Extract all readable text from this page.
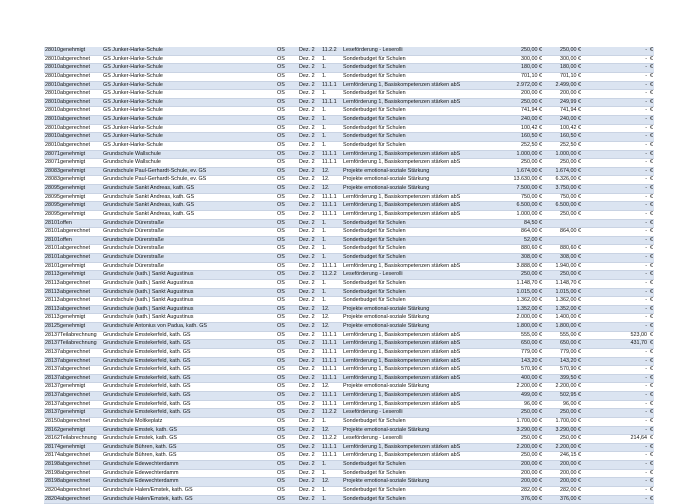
28010	genehmigt	GS Junker-Harke-Schule	OS	Dez. 2	11.2.2	Leseförderung - Leserolli	250,00 €	250,00 €	-	€
28010	abgerechnet	GS Junker-Harke-Schule	OS	Dez. 2	1.	Sonderbudget für Schulen	300,00 €	300,00 €	-	€
28010	abgerechnet	GS Junker-Harke-Schule	OS	Dez. 2	1.	Sonderbudget für Schulen	180,00 €	180,00 €	-	€
28010	abgerechnet	GS Junker-Harke-Schule	OS	Dez. 2	1.	Sonderbudget für Schulen	701,10 €	701,10 €	-	€
28010	abgerechnet	GS Junker-Harke-Schule	OS	Dez. 2	11.1.1	Lernförderung 1, Basiskompetenzen stärken abS	2.972,00 €	2.499,00 €	-	€
28010	abgerechnet	GS Junker-Harke-Schule	OS	Dez. 2	1.	Sonderbudget für Schulen	200,00 €	200,00 €	-	€
28010	abgerechnet	GS Junker-Harke-Schule	OS	Dez. 2	11.1.1	Lernförderung 1, Basiskompetenzen stärken abS	250,00 €	249,99 €	-	€
28010	abgerechnet	GS Junker-Harke-Schule	OS	Dez. 2	1.	Sonderbudget für Schulen	741,94 €	741,94 €	-	€
28010	abgerechnet	GS Junker-Harke-Schule	OS	Dez. 2	1.	Sonderbudget für Schulen	240,00 €	240,00 €	-	€
28010	abgerechnet	GS Junker-Harke-Schule	OS	Dez. 2	1.	Sonderbudget für Schulen	100,42 €	100,42 €	-	€
28010	abgerechnet	GS Junker-Harke-Schule	OS	Dez. 2	1.	Sonderbudget für Schulen	160,50 €	160,50 €	-	€
28010	abgerechnet	GS Junker-Harke-Schule	OS	Dez. 2	1.	Sonderbudget für Schulen	252,50 €	252,50 €	-	€
28071	genehmigt	Grundschule Wallschule	OS	Dez. 2	11.1.1	Lernförderung 1, Basiskompetenzen stärken abS	1.000,00 €	1.000,00 €	-	€
28071	genehmigt	Grundschule Wallschule	OS	Dez. 2	11.1.1	Lernförderung 1, Basiskompetenzen stärken abS	250,00 €	250,00 €	-	€
28083	genehmigt	Grundschule Paul-Gerhardt-Schule, ev. GS	OS	Dez. 2	12.	Projekte emotional-soziale Stärkung	1.674,00 €	1.674,00 €	-	€
28083	genehmigt	Grundschule Paul-Gerhardt-Schule, ev. GS	OS	Dez. 2	12.	Projekte emotional-soziale Stärkung	13.630,00 €	6.326,00 €	-	€
28095	genehmigt	Grundschule Sankt Andreas, kath. GS	OS	Dez. 2	12.	Projekte emotional-soziale Stärkung	7.500,00 €	3.750,00 €	-	€
28095	genehmigt	Grundschule Sankt Andreas, kath. GS	OS	Dez. 2	11.1.1	Lernförderung 1, Basiskompetenzen stärken abS	750,00 €	750,00 €	-	€
28095	genehmigt	Grundschule Sankt Andreas, kath. GS	OS	Dez. 2	11.1.1	Lernförderung 1, Basiskompetenzen stärken abS	6.500,00 €	6.500,00 €	-	€
28095	genehmigt	Grundschule Sankt Andreas, kath. GS	OS	Dez. 2	11.1.1	Lernförderung 1, Basiskompetenzen stärken abS	1.000,00 €	250,00 €	-	€
28101	offen	Grundschule Dürerstraße	OS	Dez. 2	1.	Sonderbudget für Schulen	84,50 €		-	€
28101	abgerechnet	Grundschule Dürerstraße	OS	Dez. 2	1.	Sonderbudget für Schulen	864,00 €	864,00 €	-	€
28101	offen	Grundschule Dürerstraße	OS	Dez. 2	1.	Sonderbudget für Schulen	52,00 €		-	€
28101	abgerechnet	Grundschule Dürerstraße	OS	Dez. 2	1.	Sonderbudget für Schulen	880,60 €	880,60 €	-	€
28101	abgerechnet	Grundschule Dürerstraße	OS	Dez. 2	1.	Sonderbudget für Schulen	308,00 €	308,00 €	-	€
28101	genehmigt	Grundschule Dürerstraße	OS	Dez. 2	11.1.1	Lernförderung 1, Basiskompetenzen stärken abS	3.888,00 €	1.940,00 €	-	€
28113	genehmigt	Grundschule (kath.) Sankt Augustinus	OS	Dez. 2	11.2.2	Leseförderung - Leserolli	250,00 €	250,00 €	-	€
28113	abgerechnet	Grundschule (kath.) Sankt Augustinus	OS	Dez. 2	1.	Sonderbudget für Schulen	1.148,70 €	1.148,70 €	-	€
28113	abgerechnet	Grundschule (kath.) Sankt Augustinus	OS	Dez. 2	1.	Sonderbudget für Schulen	1.015,00 €	1.015,00 €	-	€
28113	abgerechnet	Grundschule (kath.) Sankt Augustinus	OS	Dez. 2	1.	Sonderbudget für Schulen	1.362,00 €	1.362,00 €	-	€
28113	abgerechnet	Grundschule (kath.) Sankt Augustinus	OS	Dez. 2	12.	Projekte emotional-soziale Stärkung	1.352,00 €	1.352,00 €	-	€
28113	genehmigt	Grundschule (kath.) Sankt Augustinus	OS	Dez. 2	12.	Projekte emotional-soziale Stärkung	2.000,00 €	1.400,00 €	-	€
28125	genehmigt	Grundschule Antonius von Padua, kath. GS	OS	Dez. 2	12.	Projekte emotional-soziale Stärkung	1.800,00 €	1.800,00 €	-	€
28137	Teilabrechnung	Grundschule Emstekerfeld, kath. GS	OS	Dez. 2	11.1.1	Lernförderung 1, Basiskompetenzen stärken abS	555,00 €	555,00 €	523,00	€
28137	Teilabrechnung	Grundschule Emstekerfeld, kath. GS	OS	Dez. 2	11.1.1	Lernförderung 1, Basiskompetenzen stärken abS	650,00 €	650,00 €	431,70	€
28137	abgerechnet	Grundschule Emstekerfeld, kath. GS	OS	Dez. 2	11.1.1	Lernförderung 1, Basiskompetenzen stärken abS	779,00 €	779,00 €	-	€
28137	abgerechnet	Grundschule Emstekerfeld, kath. GS	OS	Dez. 2	11.1.1	Lernförderung 1, Basiskompetenzen stärken abS	143,20 €	143,20 €	-	€
28137	abgerechnet	Grundschule Emstekerfeld, kath. GS	OS	Dez. 2	11.1.1	Lernförderung 1, Basiskompetenzen stärken abS	570,90 €	570,90 €	-	€
28137	abgerechnet	Grundschule Emstekerfeld, kath. GS	OS	Dez. 2	11.1.1	Lernförderung 1, Basiskompetenzen stärken abS	400,00 €	399,50 €	-	€
28137	genehmigt	Grundschule Emstekerfeld, kath. GS	OS	Dez. 2	12.	Projekte emotional-soziale Stärkung	2.200,00 €	2.200,00 €	-	€
28137	abgerechnet	Grundschule Emstekerfeld, kath. GS	OS	Dez. 2	11.1.1	Lernförderung 1, Basiskompetenzen stärken abS	499,00 €	502,95 €	-	€
28137	abgerechnet	Grundschule Emstekerfeld, kath. GS	OS	Dez. 2	11.1.1	Lernförderung 1, Basiskompetenzen stärken abS	96,00 €	96,00 €	-	€
28137	genehmigt	Grundschule Emstekerfeld, kath. GS	OS	Dez. 2	11.2.2	Leseförderung - Leserolli	250,00 €	250,00 €	-	€
28150	abgerechnet	Grundschule Moltkeplatz	OS	Dez. 2	1.	Sonderbudget für Schulen	1.700,00 €	1.700,00 €	-	€
28162	genehmigt	Grundschule Emstek, kath. GS	OS	Dez. 2	12.	Projekte emotional-soziale Stärkung	3.290,00 €	3.290,00 €	-	€
28162	Teilabrechnung	Grundschule Emstek, kath. GS	OS	Dez. 2	11.2.2	Leseförderung - Leserolli	250,00 €	250,00 €	214,64	€
28174	genehmigt	Grundschule Bühren, kath. GS	OS	Dez. 2	11.1.1	Lernförderung 1, Basiskompetenzen stärken abS	2.200,00 €	2.200,00 €	-	€
28174	abgerechnet	Grundschule Bühren, kath. GS	OS	Dez. 2	11.1.1	Lernförderung 1, Basiskompetenzen stärken abS	250,00 €	246,15 €	-	€
28198	abgerechnet	Grundschule Edewechterdamm	OS	Dez. 2	1.	Sonderbudget für Schulen	200,00 €	200,00 €	-	€
28198	abgerechnet	Grundschule Edewechterdamm	OS	Dez. 2	1.	Sonderbudget für Schulen	200,00 €	200,00 €	-	€
28198	abgerechnet	Grundschule Edewechterdamm	OS	Dez. 2	12.	Projekte emotional-soziale Stärkung	200,00 €	200,00 €	-	€
28204	abgerechnet	Grundschule Halen/Emstek, kath. GS	OS	Dez. 2	1.	Sonderbudget für Schulen	282,00 €	282,00 €	-	€
28204	abgerechnet	Grundschule Halen/Emstek, kath. GS	OS	Dez. 2	1.	Sonderbudget für Schulen	376,00 €	376,00 €	-	€
